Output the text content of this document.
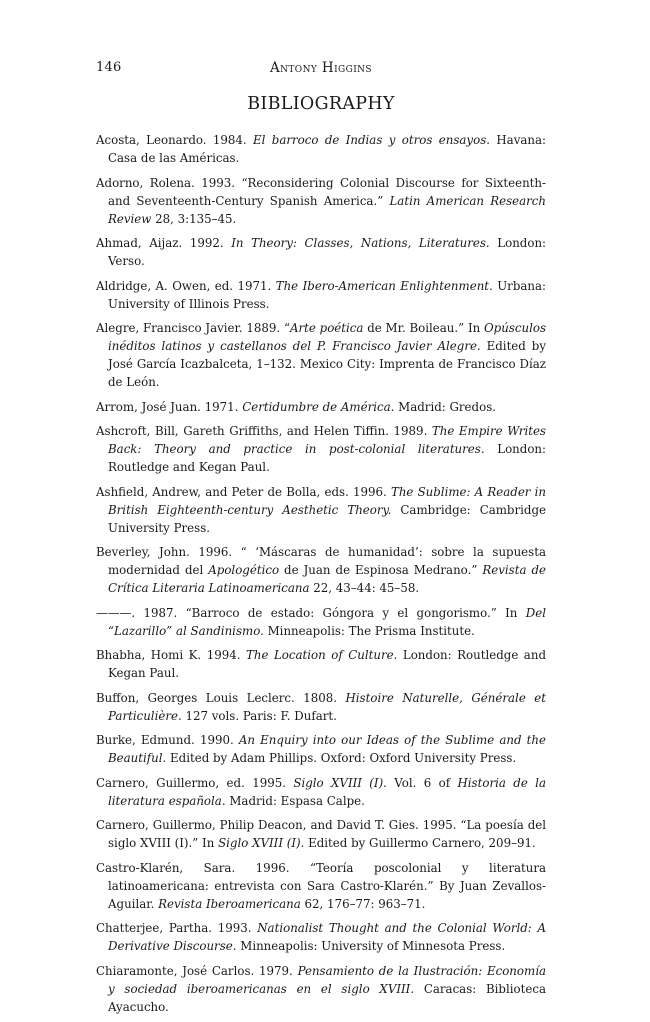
146	Antony Higgins
BIBLIOGRAPHY

Acosta, Leonardo. 1984. El barroco de Indias y otros ensayos. Havana: Casa de las Américas.

Adorno, Rolena. 1993. “Reconsidering Colonial Discourse for Sixteenth- and Seventeenth-Century Spanish America.” Latin American Research Review 28, 3:135–45.

Ahmad, Aijaz. 1992. In Theory: Classes, Nations, Literatures. London: Verso.

Aldridge, A. Owen, ed. 1971. The Ibero-American Enlightenment. Urbana: University of Illinois Press.

Alegre, Francisco Javier. 1889. “Arte poética de Mr. Boileau.” In Opúsculos inéditos latinos y castellanos del P. Francisco Javier Alegre. Edited by José García Icazbalceta, 1–132. Mexico City: Imprenta de Francisco Díaz de León.

Arrom, José Juan. 1971. Certidumbre de América. Madrid: Gredos.

Ashcroft, Bill, Gareth Griffiths, and Helen Tiffin. 1989. The Empire Writes Back: Theory and practice in post-colonial literatures. London: Routledge and Kegan Paul.

Ashfield, Andrew, and Peter de Bolla, eds. 1996. The Sublime: A Reader in British Eighteenth-century Aesthetic Theory. Cambridge: Cambridge University Press.

Beverley, John. 1996. “ ‘Máscaras de humanidad’: sobre la supuesta modernidad del Apologético de Juan de Espinosa Medrano.” Revista de Crítica Literaria Latinoamericana 22, 43–44: 45–58.

———. 1987. “Barroco de estado: Góngora y el gongorismo.” In Del “Lazarillo” al Sandinismo. Minneapolis: The Prisma Institute.

Bhabha, Homi K. 1994. The Location of Culture. London: Routledge and Kegan Paul.

Buffon, Georges Louis Leclerc. 1808. Histoire Naturelle, Générale et Particulière. 127 vols. Paris: F. Dufart.

Burke, Edmund. 1990. An Enquiry into our Ideas of the Sublime and the Beautiful. Edited by Adam Phillips. Oxford: Oxford University Press.

Carnero, Guillermo, ed. 1995. Siglo XVIII (I). Vol. 6 of Historia de la literatura española. Madrid: Espasa Calpe.

Carnero, Guillermo, Philip Deacon, and David T. Gies. 1995. “La poesía del siglo XVIII (I).” In Siglo XVIII (I). Edited by Guillermo Carnero, 209–91.

Castro-Klarén, Sara. 1996. “Teoría poscolonial y literatura latinoamericana: entrevista con Sara Castro-Klarén.” By Juan Zevallos-Aguilar. Revista Iberoamericana 62, 176–77: 963–71.

Chatterjee, Partha. 1993. Nationalist Thought and the Colonial World: A Derivative Discourse. Minneapolis: University of Minnesota Press.

Chiaramonte, José Carlos. 1979. Pensamiento de la Ilustración: Economía y sociedad iberoamericanas en el siglo XVIII. Caracas: Biblioteca Ayacucho.
